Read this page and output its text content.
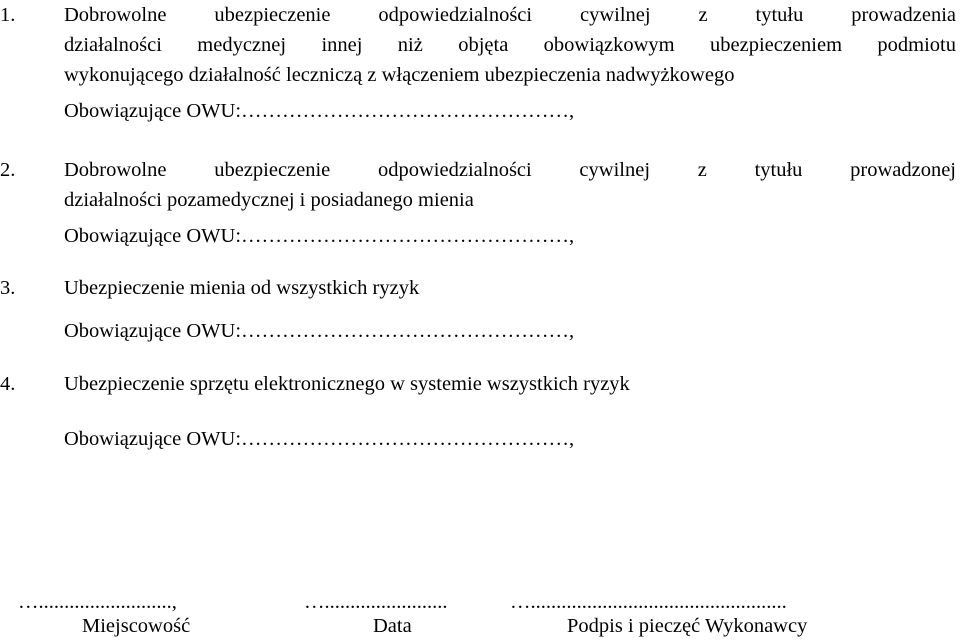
1. Dobrowolne ubezpieczenie odpowiedzialności cywilnej z tytułu prowadzenia
działalności medycznej innej niż objęta obowiązkowym ubezpieczeniem podmiotu
wykonującego działalność leczniczą z włączeniem ubezpieczenia nadwyżkowego
Obowiązujące OWU:…………………………………………,
2. Dobrowolne ubezpieczenie odpowiedzialności cywilnej z tytułu prowadzonej
działalności pozamedycznej i posiadanego mienia
Obowiązujące OWU:…………………………………………,
3. Ubezpieczenie mienia od wszystkich ryzyk
Obowiązujące OWU:…………………………………………,
4. Ubezpieczenie sprzętu elektronicznego w systemie wszystkich ryzyk
Obowiązujące OWU:…………………………………………,
…..........................,	…........................	…..................................................
Miejscowość	Data	Podpis i pieczęć Wykonawcy
